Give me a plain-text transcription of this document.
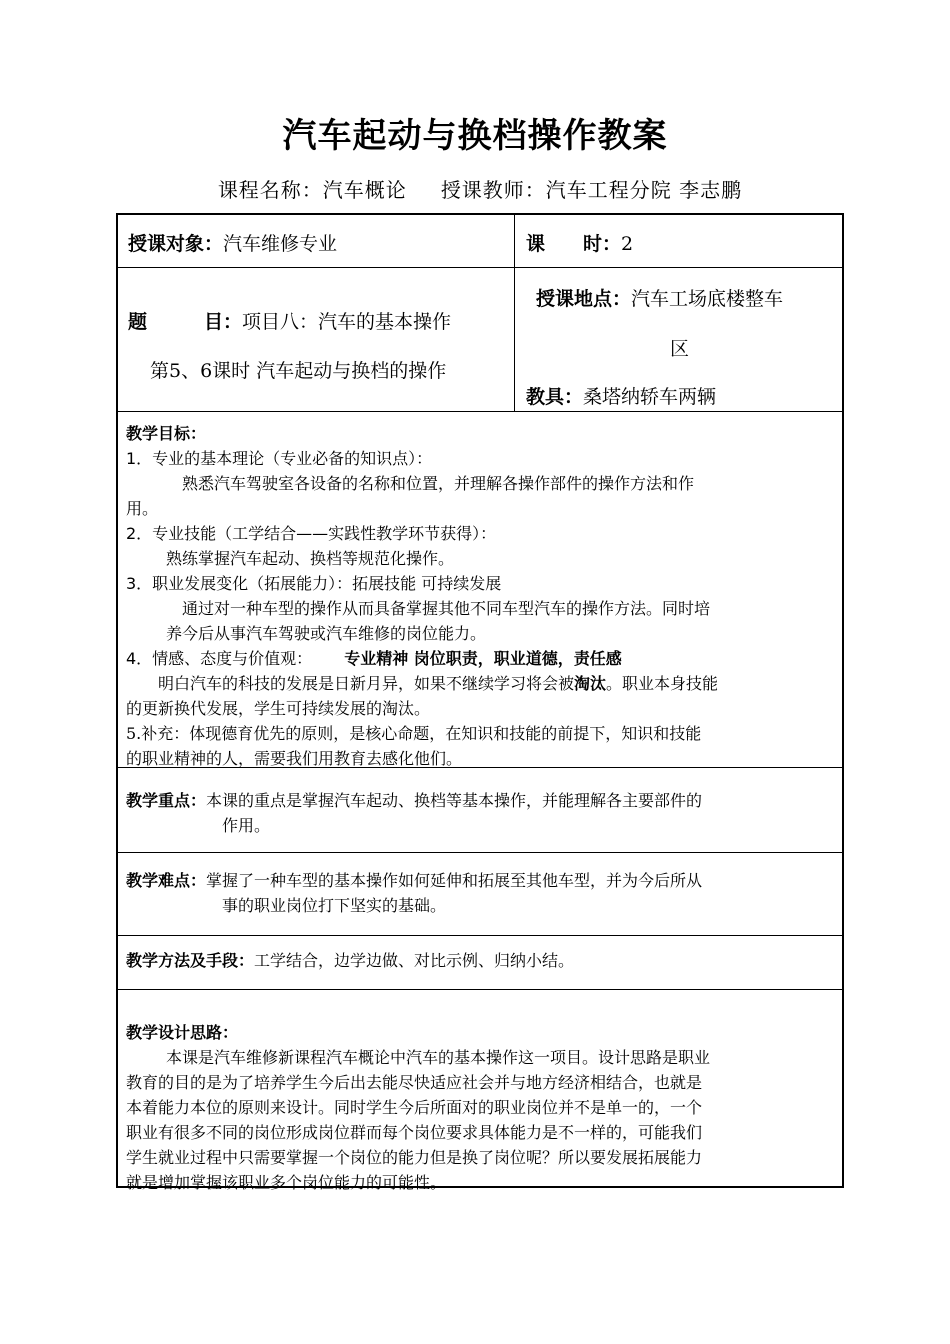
汽车起动与换档操作教案
课程名称：汽车概论 授课教师：汽车工程分院 李志鹏
授课对象：汽车维修专业	课　　时：2
题　　　目：项目八：汽车的基本操作
第5、6课时 汽车起动与换档的操作
授课地点：汽车工场底楼整车
区
教具：桑塔纳轿车两辆

教学目标：

1．专业的基本理论（专业必备的知识点）：

熟悉汽车驾驶室各设备的名称和位置，并理解各操作部件的操作方法和作

用。

2．专业技能（工学结合——实践性教学环节获得）：

熟练掌握汽车起动、换档等规范化操作。

3．职业发展变化（拓展能力）：拓展技能 可持续发展

通过对一种车型的操作从而具备掌握其他不同车型汽车的操作方法。同时培

养今后从事汽车驾驶或汽车维修的岗位能力。

4．情感、态度与价值观： 专业精神 岗位职责，职业道德，责任感

明白汽车的科技的发展是日新月异，如果不继续学习将会被淘汰。职业本身技能

的更新换代发展，学生可持续发展的淘汰。

5.补充：体现德育优先的原则，是核心命题，在知识和技能的前提下，知识和技能

的职业精神的人，需要我们用教育去感化他们。

教学重点：本课的重点是掌握汽车起动、换档等基本操作，并能理解各主要部件的

作用。

教学难点：掌握了一种车型的基本操作如何延伸和拓展至其他车型，并为今后所从

事的职业岗位打下坚实的基础。

教学方法及手段：工学结合，边学边做、对比示例、归纳小结。

教学设计思路：

本课是汽车维修新课程汽车概论中汽车的基本操作这一项目。设计思路是职业

教育的目的是为了培养学生今后出去能尽快适应社会并与地方经济相结合，也就是

本着能力本位的原则来设计。同时学生今后所面对的职业岗位并不是单一的，一个

职业有很多不同的岗位形成岗位群而每个岗位要求具体能力是不一样的，可能我们

学生就业过程中只需要掌握一个岗位的能力但是换了岗位呢？所以要发展拓展能力

就是增加掌握该职业多个岗位能力的可能性。
